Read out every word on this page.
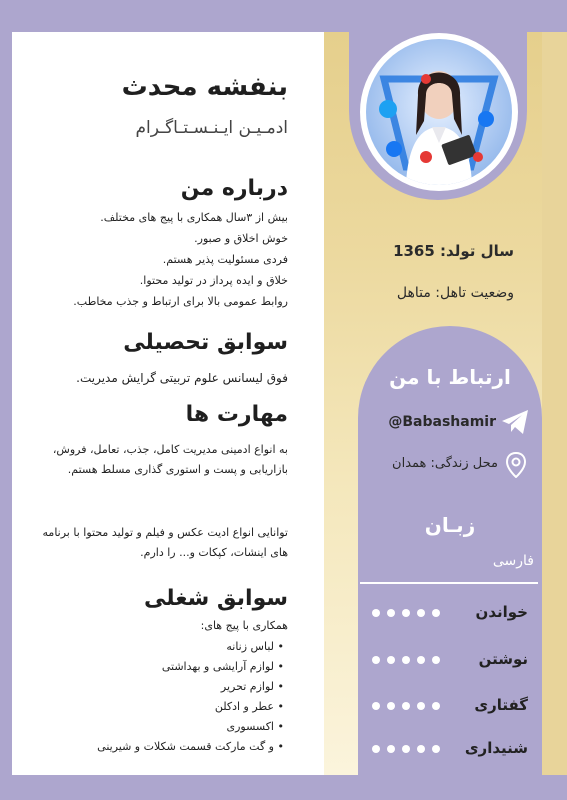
سال تولد: 1365
وضعیت تاهل: متاهل
ارتباط با من
@Babashamir
محل زندگی: همدان
زبـان
فارسی
خواندن
نوشتن
گفتاری
شنیداری
بنفشه محدث
ادمـیـن ایـنـسـتـاگـرام
درباره من
بیش از ۳سال همکاری با پیج های مختلف.
خوش اخلاق و صبور.
فردی مسئولیت پذیر هستم.
خلاق و ایده پرداز در تولید محتوا.
روابط عمومی بالا برای ارتباط و جذب مخاطب.
سوابق تحصیلی
فوق لیسانس علوم تربیتی گرایش مدیریت.
مهارت ها
به انواع ادمینی مدیریت کامل، جذب، تعامل، فروش، بازاریابی و پست و استوری گذاری مسلط هستم.
توانایی انواع ادیت عکس و فیلم و تولید محتوا با برنامه های اینشات، کپکات و... را دارم.
سوابق شغلی
همکاری با پیج های:
• لباس زنانه
• لوازم آرایشی و بهداشتی
• لوازم تحریر
• عطر و ادکلن
• اکسسوری
• و گت مارکت قسمت شکلات و شیرینی
